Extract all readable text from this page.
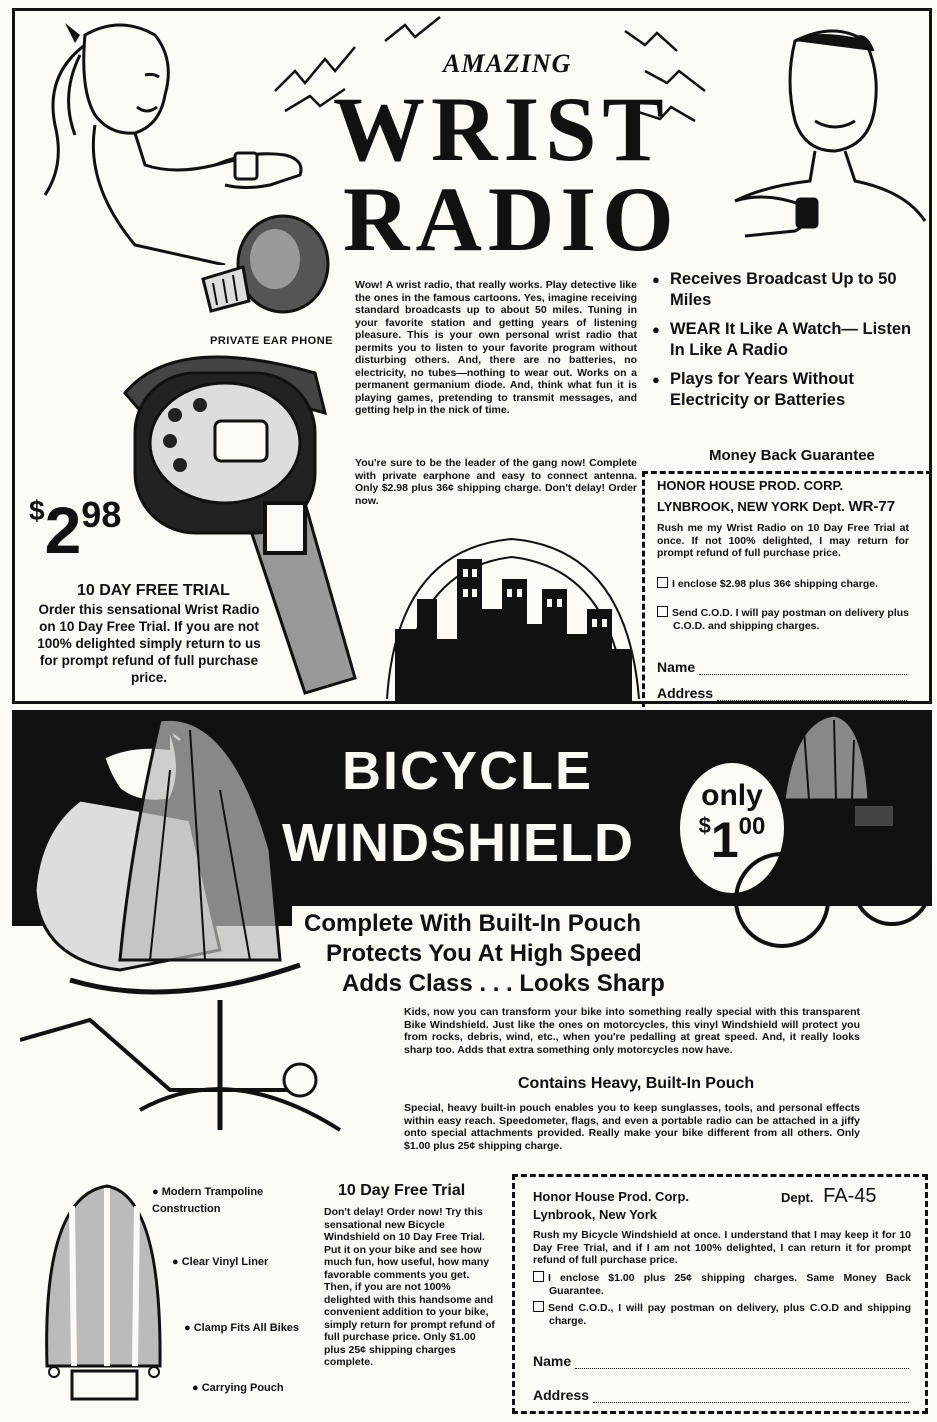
AMAZING
WRIST
RADIO
PRIVATE EAR PHONE
$298
10 DAY FREE TRIAL
Order this sensational Wrist Radio on 10 Day Free Trial. If you are not 100% delighted simply return to us for prompt refund of full purchase price.
Wow! A wrist radio, that really works. Play detective like the ones in the famous cartoons. Yes, imagine receiving standard broadcasts up to about 50 miles. Tuning in your favorite station and getting years of listening pleasure. This is your own personal wrist radio that permits you to listen to your favorite program without disturbing others. And, there are no batteries, no electricity, no tubes—nothing to wear out. Works on a permanent germanium diode. And, think what fun it is playing games, pretending to transmit messages, and getting help in the nick of time.
You're sure to be the leader of the gang now! Complete with private earphone and easy to connect antenna. Only $2.98 plus 36¢ shipping charge. Don't delay! Order now.
● Receives Broadcast Up to 50 Miles
● WEAR It Like A Watch— Listen In Like A Radio
● Plays for Years Without Electricity or Batteries
Money Back Guarantee
HONOR HOUSE PROD. CORP.
LYNBROOK, NEW YORK Dept. WR-77
Rush me my Wrist Radio on 10 Day Free Trial at once. If not 100% delighted, I may return for prompt refund of full purchase price.
I enclose $2.98 plus 36¢ shipping charge.
Send C.O.D. I will pay postman on delivery plus C.O.D. and shipping charges.
Name
Address
BICYCLE
WINDSHIELD
only
$100
Complete With Built-In Pouch
Protects You At High Speed
Adds Class . . . Looks Sharp
Kids, now you can transform your bike into something really special with this transparent Bike Windshield. Just like the ones on motorcycles, this vinyl Windshield will protect you from rocks, debris, wind, etc., when you're pedalling at great speed. And, it really looks sharp too. Adds that extra something only motorcycles now have.
Contains Heavy, Built-In Pouch
Special, heavy built-in pouch enables you to keep sunglasses, tools, and personal effects within easy reach. Speedometer, flags, and even a portable radio can be attached in a jiffy onto special attachments provided. Really make your bike different from all others. Only $1.00 plus 25¢ shipping charge.
● Modern Trampoline Construction
● Clear Vinyl Liner
● Clamp Fits All Bikes
● Carrying Pouch
10 Day Free Trial
Don't delay! Order now! Try this sensational new Bicycle Windshield on 10 Day Free Trial. Put it on your bike and see how much fun, how useful, how many favorable comments you get. Then, if you are not 100% delighted with this handsome and convenient addition to your bike, simply return for prompt refund of full purchase price. Only $1.00 plus 25¢ shipping charges complete.
Honor House Prod. Corp.	Dept. FA-45
Lynbrook, New York
Rush my Bicycle Windshield at once. I understand that I may keep it for 10 Day Free Trial, and if I am not 100% delighted, I can return it for prompt refund of full purchase price.
I enclose $1.00 plus 25¢ shipping charges. Same Money Back Guarantee.
Send C.O.D., I will pay postman on delivery, plus C.O.D and shipping charge.
Name
Address
